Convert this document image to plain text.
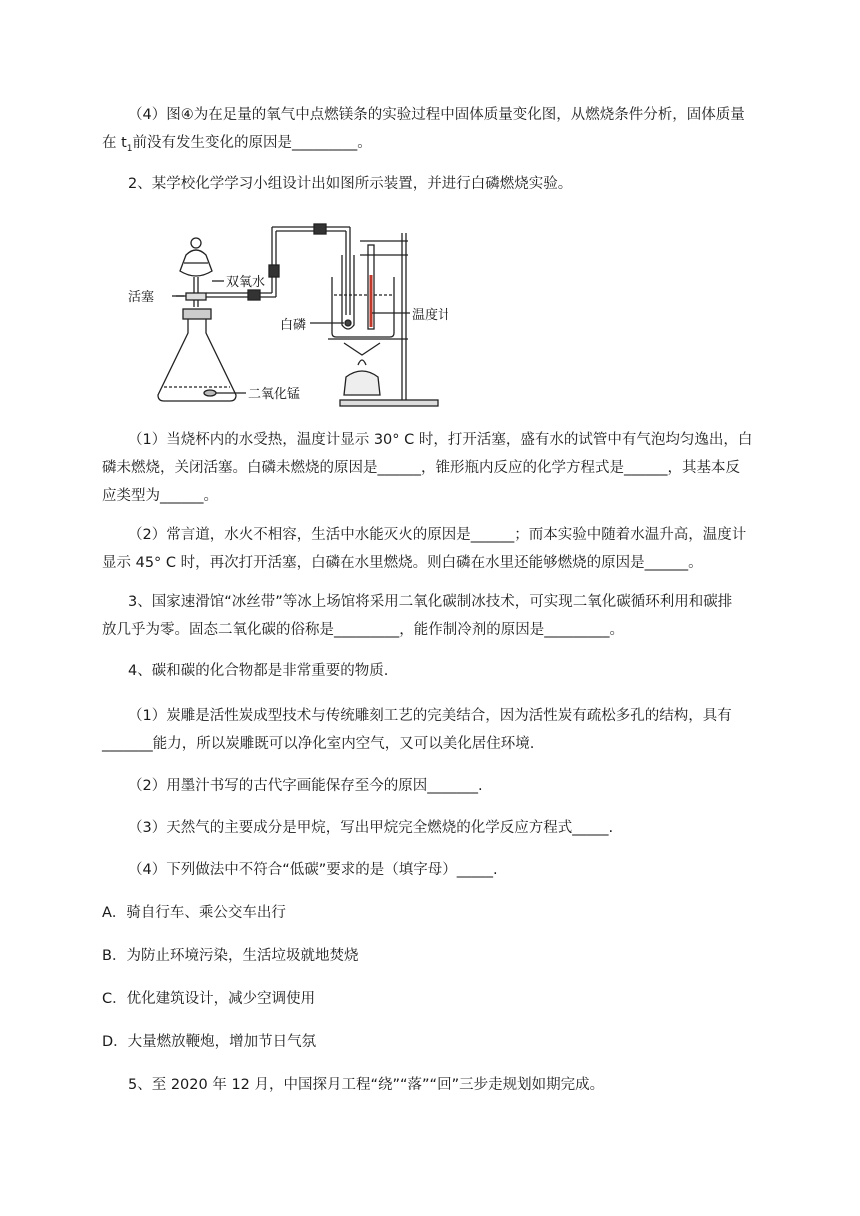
（4）图④为在足量的氧气中点燃镁条的实验过程中固体质量变化图，从燃烧条件分析，固体质量
在 $t_1$前没有发生变化的原因是_________。
2、某学校化学学习小组设计出如图所示装置，并进行白磷燃烧实验。
双氧水
活塞
白磷
温度计
二氧化锰
（1）当烧杯内的水受热，温度计显示 30° C 时，打开活塞，盛有水的试管中有气泡均匀逸出，白
磷未燃烧，关闭活塞。白磷未燃烧的原因是______，锥形瓶内反应的化学方程式是______，其基本反
应类型为______。
（2）常言道，水火不相容，生活中水能灭火的原因是______；而本实验中随着水温升高，温度计
显示 45° C 时，再次打开活塞，白磷在水里燃烧。则白磷在水里还能够燃烧的原因是______。
3、国家速滑馆“冰丝带”等冰上场馆将采用二氧化碳制冰技术，可实现二氧化碳循环利用和碳排
放几乎为零。固态二氧化碳的俗称是_________，能作制冷剂的原因是_________。
4、碳和碳的化合物都是非常重要的物质.
（1）炭雕是活性炭成型技术与传统雕刻工艺的完美结合，因为活性炭有疏松多孔的结构，具有
_______能力，所以炭雕既可以净化室内空气，又可以美化居住环境.
（2）用墨汁书写的古代字画能保存至今的原因_______.
（3）天然气的主要成分是甲烷，写出甲烷完全燃烧的化学反应方程式_____.
（4）下列做法中不符合“低碳”要求的是（填字母）_____.
A．骑自行车、乘公交车出行
B．为防止环境污染，生活垃圾就地焚烧
C．优化建筑设计，减少空调使用
D．大量燃放鞭炮，增加节日气氛
5、至 2020 年 12 月，中国探月工程“绕”“落”“回”三步走规划如期完成。
